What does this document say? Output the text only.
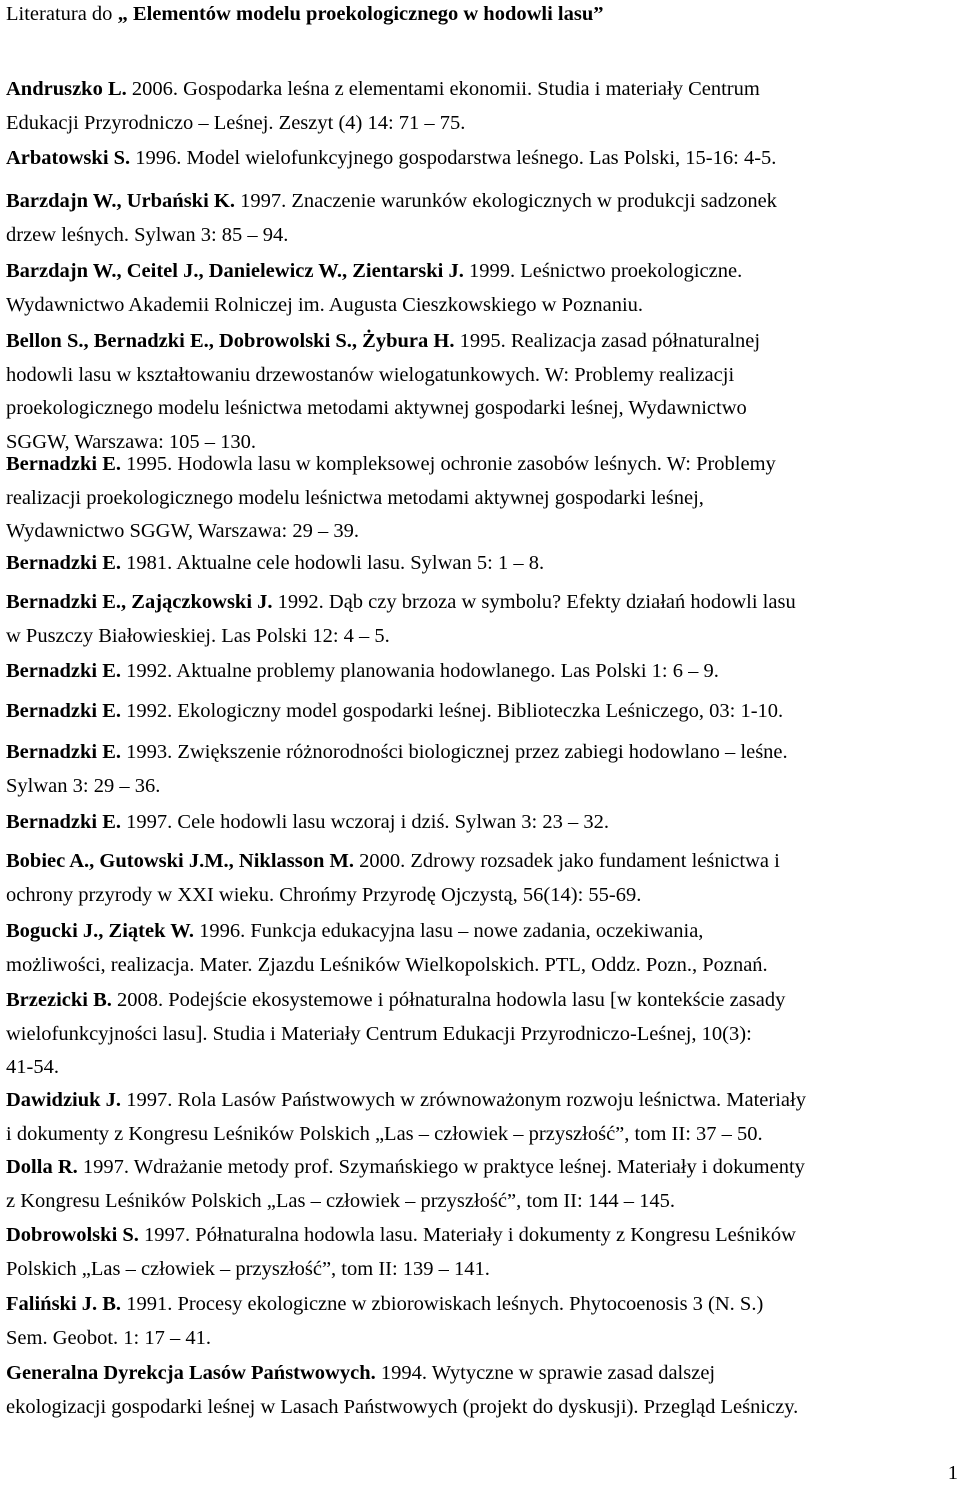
Literatura do „ Elementów modelu proekologicznego w hodowli lasu”
Andruszko L. 2006. Gospodarka leśna z elementami ekonomii. Studia i materiały Centrum
Edukacji Przyrodniczo – Leśnej. Zeszyt (4) 14: 71 – 75.
Arbatowski S. 1996. Model wielofunkcyjnego gospodarstwa leśnego. Las Polski, 15-16: 4-5.
Barzdajn W., Urbański K. 1997. Znaczenie warunków ekologicznych w produkcji sadzonek
drzew leśnych. Sylwan 3: 85 – 94.
Barzdajn W., Ceitel J., Danielewicz W., Zientarski J. 1999. Leśnictwo proekologiczne.
Wydawnictwo Akademii Rolniczej im. Augusta Cieszkowskiego w Poznaniu.
Bellon S., Bernadzki E., Dobrowolski S., Żybura H. 1995. Realizacja zasad półnaturalnej
hodowli lasu w kształtowaniu drzewostanów wielogatunkowych. W: Problemy realizacji
proekologicznego modelu leśnictwa metodami aktywnej gospodarki leśnej, Wydawnictwo
SGGW, Warszawa: 105 – 130.
Bernadzki E. 1995. Hodowla lasu w kompleksowej ochronie zasobów leśnych. W: Problemy
realizacji proekologicznego modelu leśnictwa metodami aktywnej gospodarki leśnej,
Wydawnictwo SGGW, Warszawa: 29 – 39.
Bernadzki E. 1981. Aktualne cele hodowli lasu. Sylwan 5: 1 – 8.
Bernadzki E., Zajączkowski J. 1992. Dąb czy brzoza w symbolu? Efekty działań hodowli lasu
w Puszczy Białowieskiej. Las Polski 12: 4 – 5.
Bernadzki E. 1992. Aktualne problemy planowania hodowlanego. Las Polski 1: 6 – 9.
Bernadzki E. 1992. Ekologiczny model gospodarki leśnej. Biblioteczka Leśniczego, 03: 1-10.
Bernadzki E. 1993. Zwiększenie różnorodności biologicznej przez zabiegi hodowlano – leśne.
Sylwan 3: 29 – 36.
Bernadzki E. 1997. Cele hodowli lasu wczoraj i dziś. Sylwan 3: 23 – 32.
Bobiec A., Gutowski J.M., Niklasson M. 2000. Zdrowy rozsadek jako fundament leśnictwa i
ochrony przyrody w XXI wieku. Chrońmy Przyrodę Ojczystą, 56(14): 55-69.
Bogucki J., Ziątek W. 1996. Funkcja edukacyjna lasu – nowe zadania, oczekiwania,
możliwości, realizacja. Mater. Zjazdu Leśników Wielkopolskich. PTL, Oddz. Pozn., Poznań.
Brzezicki B. 2008. Podejście ekosystemowe i półnaturalna hodowla lasu [w kontekście zasady
wielofunkcyjności lasu]. Studia i Materiały Centrum Edukacji Przyrodniczo-Leśnej, 10(3):
41-54.
Dawidziuk J. 1997. Rola Lasów Państwowych w zrównoważonym rozwoju leśnictwa. Materiały
i dokumenty z Kongresu Leśników Polskich „Las – człowiek – przyszłość”, tom II: 37 – 50.
Dolla R. 1997. Wdrażanie metody prof. Szymańskiego w praktyce leśnej. Materiały i dokumenty
z Kongresu Leśników Polskich „Las – człowiek – przyszłość”, tom II: 144 – 145.
Dobrowolski S. 1997. Półnaturalna hodowla lasu. Materiały i dokumenty z Kongresu Leśników
Polskich „Las – człowiek – przyszłość”, tom II: 139 – 141.
Faliński J. B. 1991. Procesy ekologiczne w zbiorowiskach leśnych. Phytocoenosis 3 (N. S.)
Sem. Geobot. 1: 17 – 41.
Generalna Dyrekcja Lasów Państwowych. 1994. Wytyczne w sprawie zasad dalszej
ekologizacji gospodarki leśnej w Lasach Państwowych (projekt do dyskusji). Przegląd Leśniczy.
1
